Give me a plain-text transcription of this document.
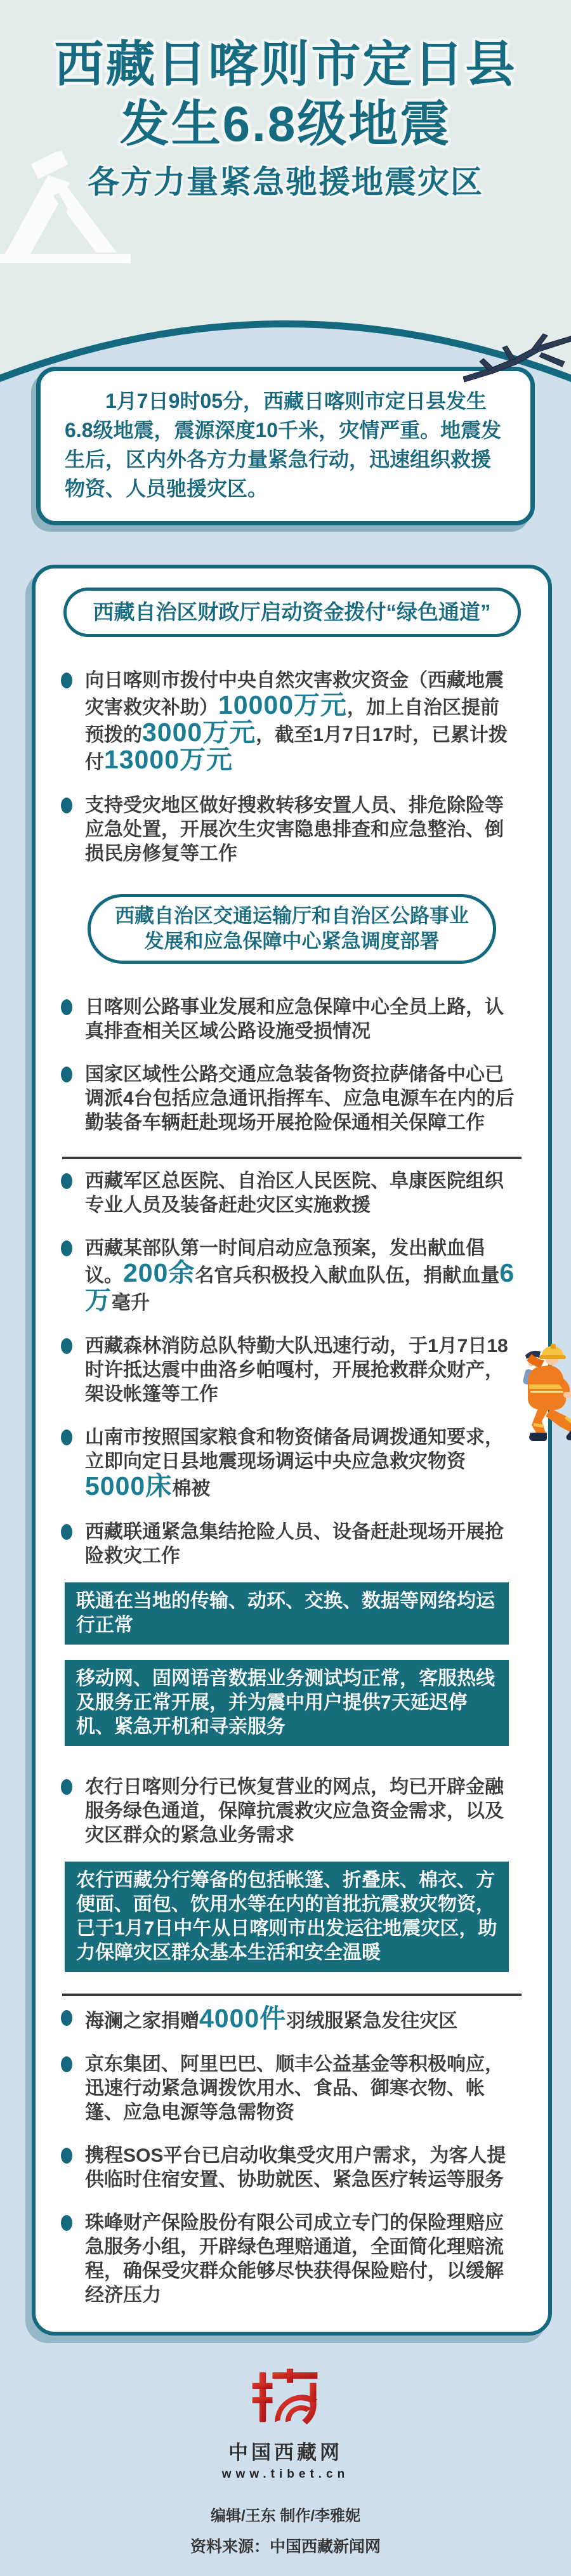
西藏日喀则市定日县
发生6.8级地震

各方力量紧急驰援地震灾区

1月7日9时05分，西藏日喀则市定日县发生6.8级地震，震源深度10千米，灾情严重。地震发生后，区内外各方力量紧急行动，迅速组织救援物资、人员驰援灾区。
西藏自治区财政厅启动资金拨付“绿色通道”
向日喀则市拨付中央自然灾害救灾资金（西藏地震灾害救灾补助）10000万元，加上自治区提前预拨的3000万元，截至1月7日17时，已累计拨付13000万元
支持受灾地区做好搜救转移安置人员、排危除险等应急处置，开展次生灾害隐患排查和应急整治、倒损民房修复等工作
西藏自治区交通运输厅和自治区公路事业
发展和应急保障中心紧急调度部署
日喀则公路事业发展和应急保障中心全员上路，认真排查相关区域公路设施受损情况
国家区域性公路交通应急装备物资拉萨储备中心已调派4台包括应急通讯指挥车、应急电源车在内的后勤装备车辆赶赴现场开展抢险保通相关保障工作
西藏军区总医院、自治区人民医院、阜康医院组织专业人员及装备赶赴灾区实施救援
西藏某部队第一时间启动应急预案，发出献血倡议。200余名官兵积极投入献血队伍，捐献血量6万毫升
西藏森林消防总队特勤大队迅速行动，于1月7日18时许抵达震中曲洛乡帕嘎村，开展抢救群众财产，架设帐篷等工作
山南市按照国家粮食和物资储备局调拨通知要求，立即向定日县地震现场调运中央应急救灾物资5000床棉被
西藏联通紧急集结抢险人员、设备赶赴现场开展抢险救灾工作

联通在当地的传输、动环、交换、数据等网络均运行正常

移动网、固网语音数据业务测试均正常，客服热线及服务正常开展，并为震中用户提供7天延迟停机、紧急开机和寻亲服务

农行日喀则分行已恢复营业的网点，均已开辟金融服务绿色通道，保障抗震救灾应急资金需求，以及灾区群众的紧急业务需求

农行西藏分行筹备的包括帐篷、折叠床、棉衣、方便面、面包、饮用水等在内的首批抗震救灾物资，已于1月7日中午从日喀则市出发运往地震灾区，助力保障灾区群众基本生活和安全温暖

海澜之家捐赠4000件羽绒服紧急发往灾区
京东集团、阿里巴巴、顺丰公益基金等积极响应，迅速行动紧急调拨饮用水、食品、御寒衣物、帐篷、应急电源等急需物资
携程SOS平台已启动收集受灾用户需求，为客人提供临时住宿安置、协助就医、紧急医疗转运等服务
珠峰财产保险股份有限公司成立专门的保险理赔应急服务小组，开辟绿色理赔通道，全面简化理赔流程，确保受灾群众能够尽快获得保险赔付，以缓解经济压力

中国西藏网

www.tibet.cn

编辑/王东 制作/李雅妮

资料来源：中国西藏新闻网
